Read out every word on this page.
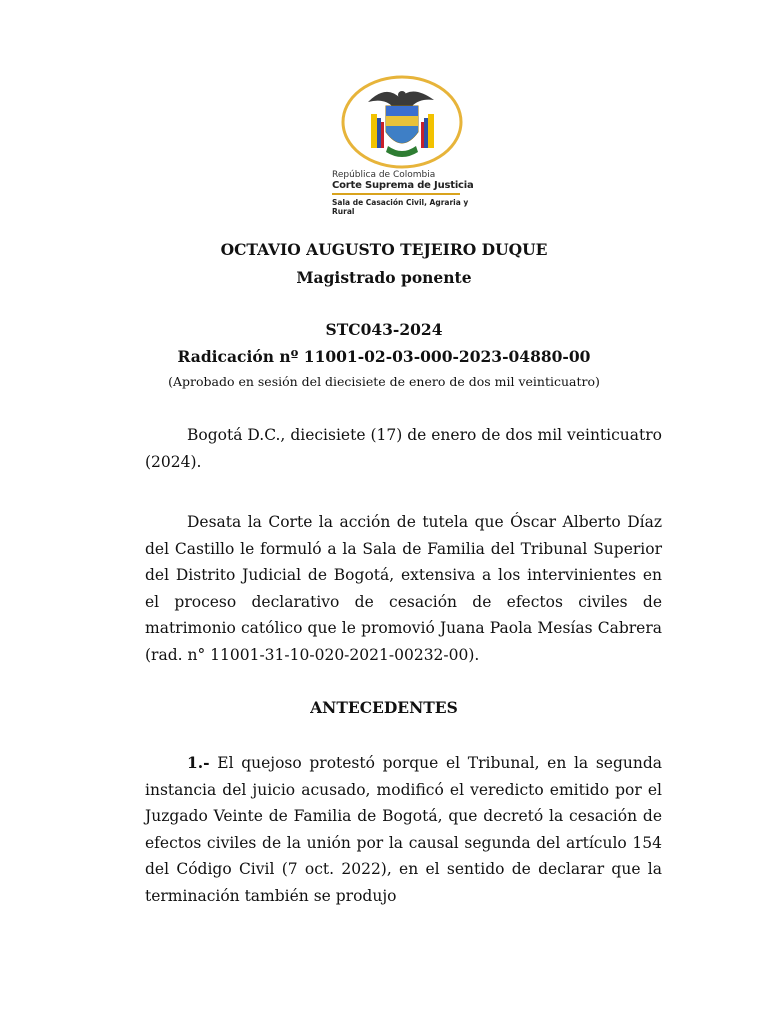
República de Colombia
Corte Suprema de Justicia
Sala de Casación Civil, Agraria y Rural
OCTAVIO AUGUSTO TEJEIRO DUQUE
Magistrado ponente
STC043-2024
Radicación nº 11001-02-03-000-2023-04880-00
(Aprobado en sesión del diecisiete de enero de dos mil veinticuatro)
Bogotá D.C., diecisiete (17) de enero de dos mil veinticuatro (2024).
Desata la Corte la acción de tutela que Óscar Alberto Díaz del Castillo le formuló a la Sala de Familia del Tribunal Superior del Distrito Judicial de Bogotá, extensiva a los intervinientes en el proceso declarativo de cesación de efectos civiles de matrimonio católico que le promovió Juana Paola Mesías Cabrera (rad. n° 11001-31-10-020-2021-00232-00).
ANTECEDENTES
1.- El quejoso protestó porque el Tribunal, en la segunda instancia del juicio acusado, modificó el veredicto emitido por el Juzgado Veinte de Familia de Bogotá, que decretó la cesación de efectos civiles de la unión por la causal segunda del artículo 154 del Código Civil (7 oct. 2022), en el sentido de declarar que la terminación también se produjo
